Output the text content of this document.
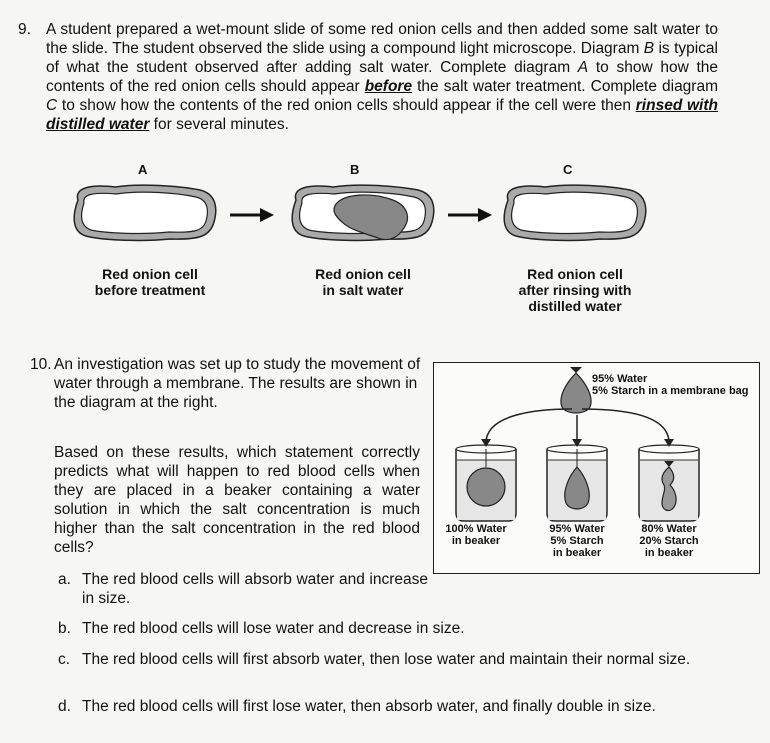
9. A student prepared a wet-mount slide of some red onion cells and then added some salt water to the slide. The student observed the slide using a compound light microscope. Diagram B is typical of what the student observed after adding salt water. Complete diagram A to show how the contents of the red onion cells should appear before the salt water treatment. Complete diagram C to show how the contents of the red onion cells should appear if the cell were then rinsed with distilled water for several minutes.
A	B	C
Red onion cell
before treatment
Red onion cell
in salt water
Red onion cell
after rinsing with
distilled water
10. An investigation was set up to study the movement of water through a membrane. The results are shown in the diagram at the right.
Based on these results, which statement correctly predicts what will happen to red blood cells when they are placed in a beaker containing a water solution in which the salt concentration is much higher than the salt concentration in the red blood cells?
95% Water
5% Starch in a membrane bag
100% Water
in beaker
95% Water
5% Starch
in beaker
80% Water
20% Starch
in beaker
a. The red blood cells will absorb water and increase in size.
b. The red blood cells will lose water and decrease in size.
c. The red blood cells will first absorb water, then lose water and maintain their normal size.
d. The red blood cells will first lose water, then absorb water, and finally double in size.
